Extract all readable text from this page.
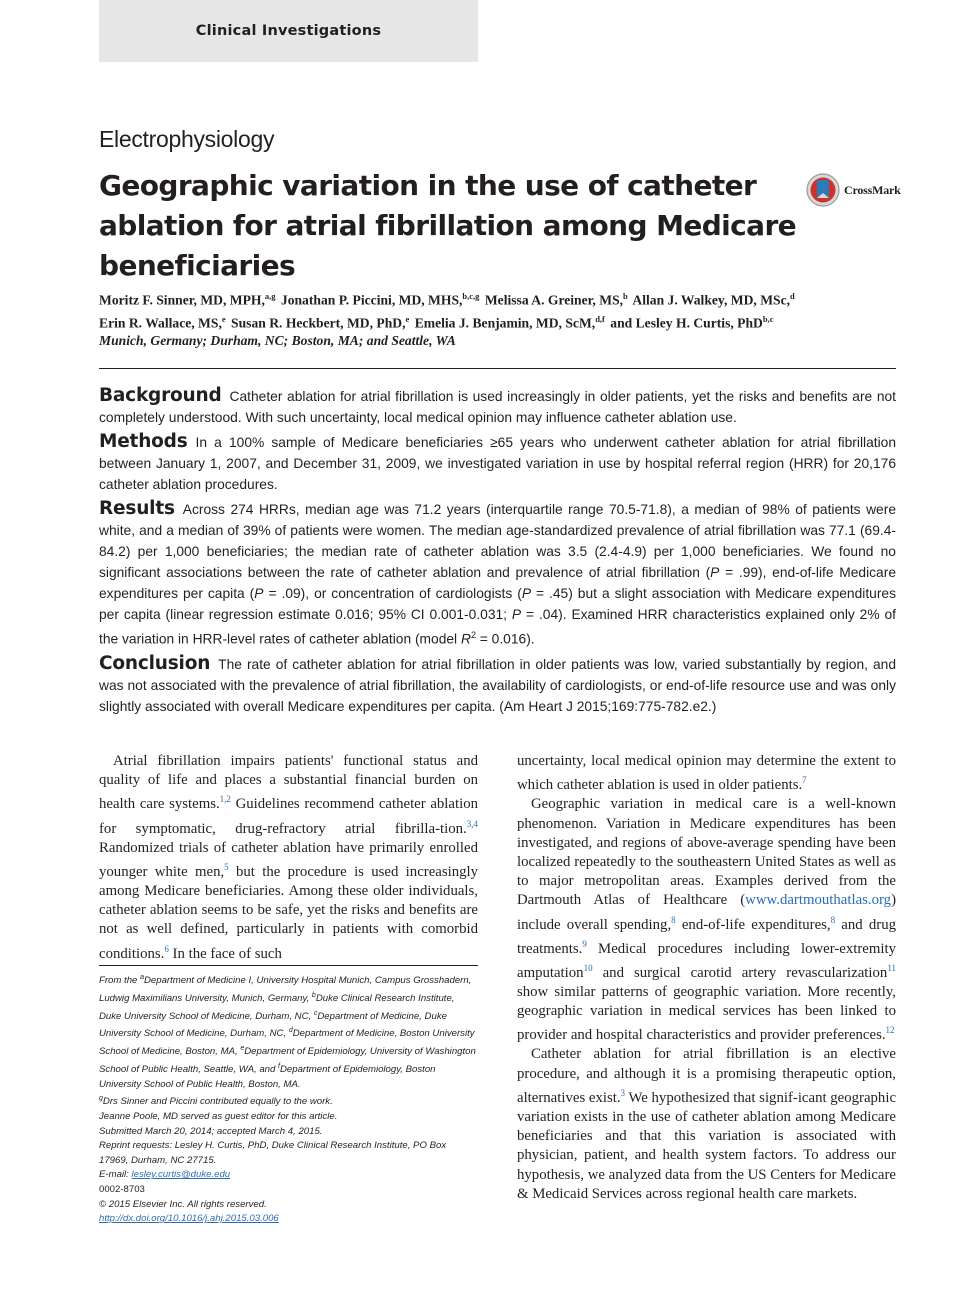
Clinical Investigations
Electrophysiology
Geographic variation in the use of catheter ablation for atrial fibrillation among Medicare beneficiaries
CrossMark
Moritz F. Sinner, MD, MPH,$^{a,g}$ Jonathan P. Piccini, MD, MHS,$^{b,c,g}$ Melissa A. Greiner, MS,$^b$ Allan J. Walkey, MD, MSc,$^d$
Erin R. Wallace, MS,$^e$ Susan R. Heckbert, MD, PhD,$^e$ Emelia J. Benjamin, MD, ScM,$^{d,f}$ and Lesley H. Curtis, PhD$^{b,c}$
Munich, Germany; Durham, NC; Boston, MA; and Seattle, WA

Background Catheter ablation for atrial fibrillation is used increasingly in older patients, yet the risks and benefits are not completely understood. With such uncertainty, local medical opinion may influence catheter ablation use.

Methods In a 100% sample of Medicare beneficiaries ≥65 years who underwent catheter ablation for atrial fibrillation between January 1, 2007, and December 31, 2009, we investigated variation in use by hospital referral region (HRR) for 20,176 catheter ablation procedures.

Results Across 274 HRRs, median age was 71.2 years (interquartile range 70.5-71.8), a median of 98% of patients were white, and a median of 39% of patients were women. The median age-standardized prevalence of atrial fibrillation was 77.1 (69.4-84.2) per 1,000 beneficiaries; the median rate of catheter ablation was 3.5 (2.4-4.9) per 1,000 beneficiaries. We found no significant associations between the rate of catheter ablation and prevalence of atrial fibrillation (P = .99), end-of-life Medicare expenditures per capita (P = .09), or concentration of cardiologists (P = .45) but a slight association with Medicare expenditures per capita (linear regression estimate 0.016; 95% CI 0.001-0.031; P = .04). Examined HRR characteristics explained only 2% of the variation in HRR-level rates of catheter ablation (model $R^2 = 0.016$).

Conclusion The rate of catheter ablation for atrial fibrillation in older patients was low, varied substantially by region, and was not associated with the prevalence of atrial fibrillation, the availability of cardiologists, or end-of-life resource use and was only slightly associated with overall Medicare expenditures per capita. (Am Heart J 2015;169:775-782.e2.)

Atrial fibrillation impairs patients' functional status and quality of life and places a substantial financial burden on health care systems.$^{1,2}$ Guidelines recommend catheter ablation for symptomatic, drug-refractory atrial fibrilla-tion.$^{3,4}$ Randomized trials of catheter ablation have primarily enrolled younger white men,$^5$ but the procedure is used increasingly among Medicare beneficiaries. Among these older individuals, catheter ablation seems to be safe, yet the risks and benefits are not as well defined, particularly in patients with comorbid conditions.$^6$ In the face of such

uncertainty, local medical opinion may determine the extent to which catheter ablation is used in older patients.$^7$

Geographic variation in medical care is a well-known phenomenon. Variation in Medicare expenditures has been investigated, and regions of above-average spending have been localized repeatedly to the southeastern United States as well as to major metropolitan areas. Examples derived from the Dartmouth Atlas of Healthcare (www.dartmouthatlas.org) include overall spending,$^8$ end-of-life expenditures,$^8$ and drug treatments.$^9$ Medical procedures including lower-extremity amputation$^{10}$ and surgical carotid artery revascularization$^{11}$ show similar patterns of geographic variation. More recently, geographic variation in medical services has been linked to provider and hospital characteristics and provider preferences.$^{12}$

Catheter ablation for atrial fibrillation is an elective procedure, and although it is a promising therapeutic option, alternatives exist.$^3$ We hypothesized that signif-icant geographic variation exists in the use of catheter ablation among Medicare beneficiaries and that this variation is associated with physician, patient, and health system factors. To address our hypothesis, we analyzed data from the US Centers for Medicare & Medicaid Services across regional health care markets.

From the $^a$Department of Medicine I, University Hospital Munich, Campus Grosshadern, Ludwig Maximilians University, Munich, Germany, $^b$Duke Clinical Research Institute, Duke University School of Medicine, Durham, NC, $^c$Department of Medicine, Duke University School of Medicine, Durham, NC, $^d$Department of Medicine, Boston University School of Medicine, Boston, MA, $^e$Department of Epidemiology, University of Washington School of Public Health, Seattle, WA, and $^f$Department of Epidemiology, Boston University School of Public Health, Boston, MA.
$^g$Drs Sinner and Piccini contributed equally to the work.
Jeanne Poole, MD served as guest editor for this article.
Submitted March 20, 2014; accepted March 4, 2015.
Reprint requests: Lesley H. Curtis, PhD, Duke Clinical Research Institute, PO Box 17969, Durham, NC 27715.
E-mail: lesley.curtis@duke.edu
0002-8703
© 2015 Elsevier Inc. All rights reserved.
http://dx.doi.org/10.1016/j.ahj.2015.03.006
